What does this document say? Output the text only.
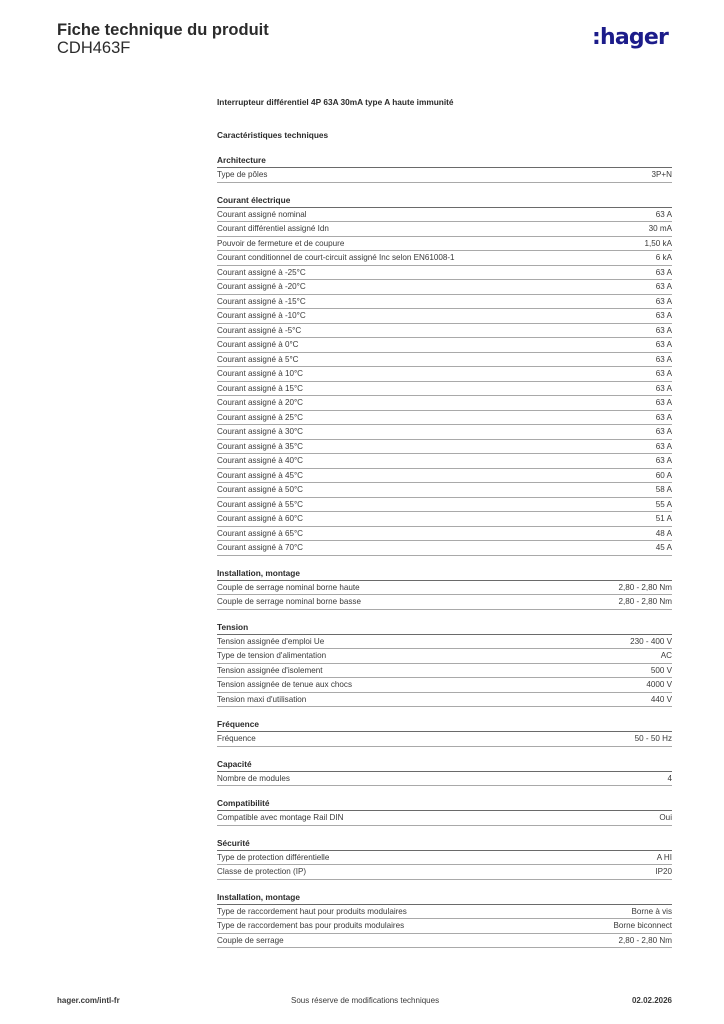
Fiche technique du produit
CDH463F	:hager
Interrupteur différentiel 4P 63A 30mA type A haute immunité
Caractéristiques techniques
Architecture
Type de pôles	3P+N
Courant électrique
Courant assigné nominal	63 A
Courant différentiel assigné Idn	30 mA
Pouvoir de fermeture et de coupure	1,50 kA
Courant conditionnel de court-circuit assigné Inc selon EN61008-1	6 kA
Courant assigné à -25°C	63 A
Courant assigné à -20°C	63 A
Courant assigné à -15°C	63 A
Courant assigné à -10°C	63 A
Courant assigné à -5°C	63 A
Courant assigné à 0°C	63 A
Courant assigné à 5°C	63 A
Courant assigné à 10°C	63 A
Courant assigné à 15°C	63 A
Courant assigné à 20°C	63 A
Courant assigné à 25°C	63 A
Courant assigné à 30°C	63 A
Courant assigné à 35°C	63 A
Courant assigné à 40°C	63 A
Courant assigné à 45°C	60 A
Courant assigné à 50°C	58 A
Courant assigné à 55°C	55 A
Courant assigné à 60°C	51 A
Courant assigné à 65°C	48 A
Courant assigné à 70°C	45 A
Installation, montage
Couple de serrage nominal borne haute	2,80 - 2,80 Nm
Couple de serrage nominal borne basse	2,80 - 2,80 Nm
Tension
Tension assignée d'emploi Ue	230 - 400 V
Type de tension d'alimentation	AC
Tension assignée d'isolement	500 V
Tension assignée de tenue aux chocs	4000 V
Tension maxi d'utilisation	440 V
Fréquence
Fréquence	50 - 50 Hz
Capacité
Nombre de modules	4
Compatibilité
Compatible avec montage Rail DIN	Oui
Sécurité
Type de protection différentielle	A HI
Classe de protection (IP)	IP20
Installation, montage
Type de raccordement haut pour produits modulaires	Borne à vis
Type de raccordement bas pour produits modulaires	Borne biconnect
Couple de serrage	2,80 - 2,80 Nm
hager.com/intl-fr	Sous réserve de modifications techniques	02.02.2026
